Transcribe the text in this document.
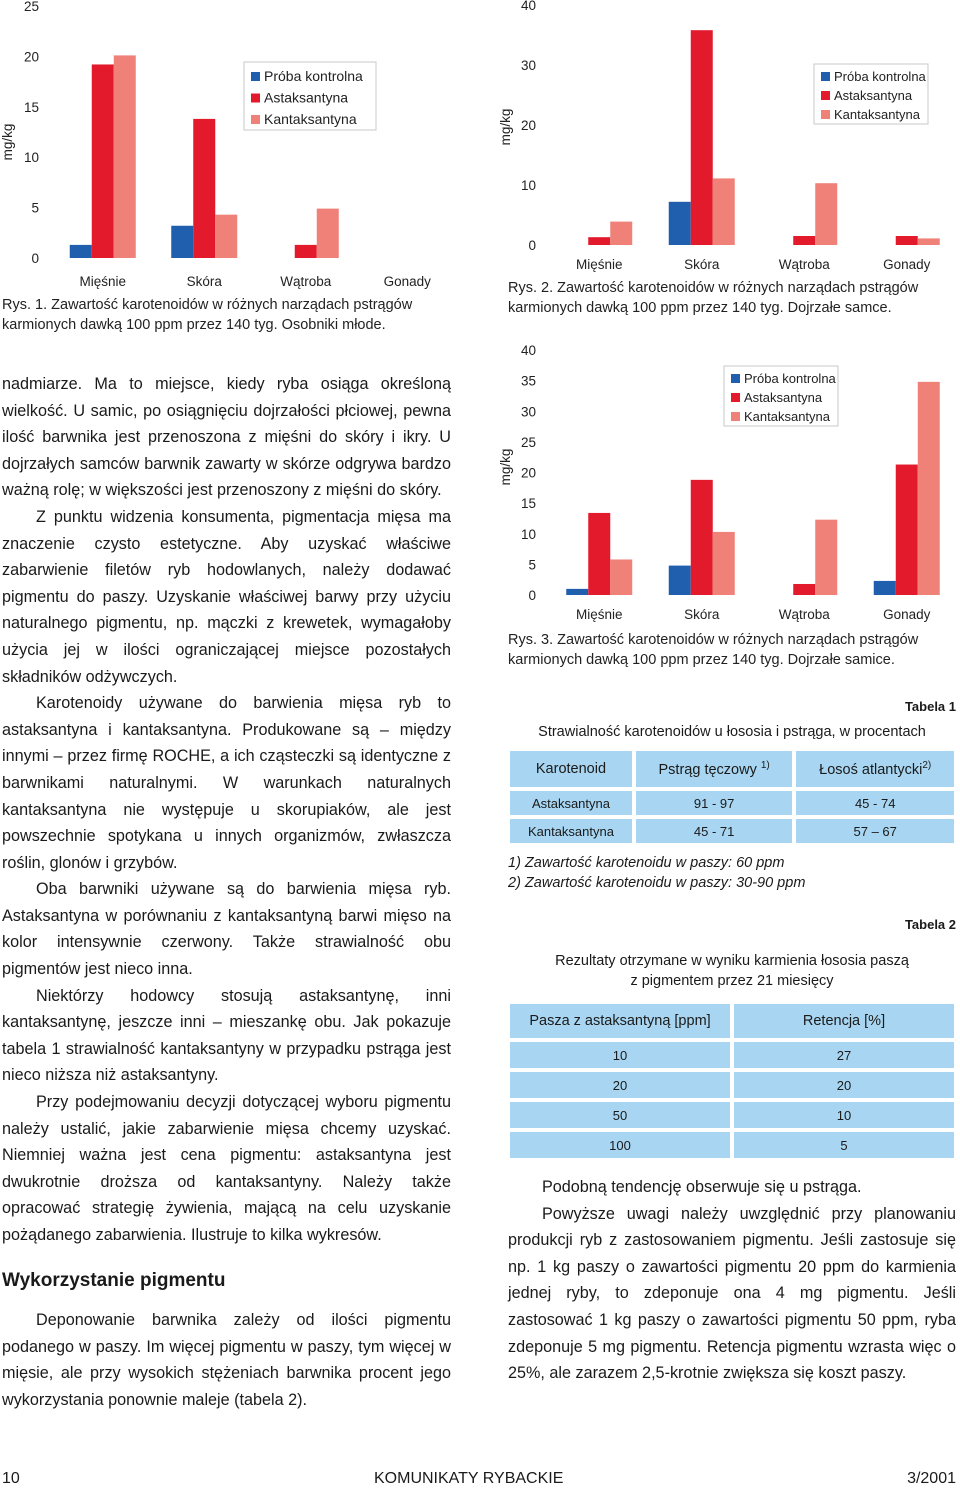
0
5
10
15
20
25
mg/kg
Mięśnie	Skóra	Wątroba	Gonady
Próba kontrolna
Astaksantyna
Kantaksantyna
Rys. 1. Zawartość karotenoidów w różnych narządach pstrągów karmionych dawką 100 ppm przez 140 tyg. Osobniki młode.
0
10
20
30
40
mg/kg
Mięśnie	Skóra	Wątroba	Gonady
Próba kontrolna
Astaksantyna
Kantaksantyna
Rys. 2. Zawartość karotenoidów w różnych narządach pstrągów karmionych dawką 100 ppm przez 140 tyg. Dojrzałe samce.
0
5
10
15
20
25
30
35
40
mg/kg
Mięśnie	Skóra	Wątroba	Gonady
Próba kontrolna
Astaksantyna
Kantaksantyna
Rys. 3. Zawartość karotenoidów w różnych narządach pstrągów karmionych dawką 100 ppm przez 140 tyg. Dojrzałe samice.

nadmiarze. Ma to miejsce, kiedy ryba osiąga określoną wielkość. U samic, po osiągnięciu dojrzałości płciowej, pewna ilość barwnika jest przenoszona z mięśni do skóry i ikry. U dojrzałych samców barwnik zawarty w skórze odgrywa bardzo ważną rolę; w większości jest przenoszony z mięśni do skóry.

Z punktu widzenia konsumenta, pigmentacja mięsa ma znaczenie czysto estetyczne. Aby uzyskać właściwe zabarwienie filetów ryb hodowlanych, należy dodawać pigmentu do paszy. Uzyskanie właściwej barwy przy użyciu naturalnego pigmentu, np. mączki z krewetek, wymagałoby użycia jej w ilości ograniczającej miejsce pozostałych składników odżywczych.

Karotenoidy używane do barwienia mięsa ryb to astaksantyna i kantaksantyna. Produkowane są – między innymi – przez firmę ROCHE, a ich cząsteczki są identyczne z barwnikami naturalnymi. W warunkach naturalnych kantaksantyna nie występuje u skorupiaków, ale jest powszechnie spotykana u innych organizmów, zwłaszcza roślin, glonów i grzybów.

Oba barwniki używane są do barwienia mięsa ryb. Astaksantyna w porównaniu z kantaksantyną barwi mięso na kolor intensywnie czerwony. Także strawialność obu pigmentów jest nieco inna.

Niektórzy hodowcy stosują astaksantynę, inni kantaksantynę, jeszcze inni – mieszankę obu. Jak pokazuje tabela 1 strawialność kantaksantyny w przypadku pstrąga jest nieco niższa niż astaksantyny.

Przy podejmowaniu decyzji dotyczącej wyboru pigmentu należy ustalić, jakie zabarwienie mięsa chcemy uzyskać. Niemniej ważna jest cena pigmentu: astaksantyna jest dwukrotnie droższa od kantaksantyny. Należy także opracować strategię żywienia, mającą na celu uzyskanie pożądanego zabarwienia. Ilustruje to kilka wykresów.

Wykorzystanie pigmentu

Deponowanie barwnika zależy od ilości pigmentu podanego w paszy. Im więcej pigmentu w paszy, tym więcej w mięsie, ale przy wysokich stężeniach barwnika procent jego wykorzystania ponownie maleje (tabela 2).

Tabela 1
Strawialność karotenoidów u łososia i pstrąga, w procentach
Karotenoid	Pstrąg tęczowy $^{1)}$	Łosoś atlantycki$^{2)}$
Astaksantyna	91 - 97	45 - 74
Kantaksantyna	45 - 71	57 – 67
1) Zawartość karotenoidu w paszy: 60 ppm
2) Zawartość karotenoidu w paszy: 30-90 ppm
Tabela 2
Rezultaty otrzymane w wyniku karmienia łososia paszą
z pigmentem przez 21 miesięcy
Pasza z astaksantyną [ppm]	Retencja [%]
10	27
20	20
50	10
100	5

Podobną tendencję obserwuje się u pstrąga.

Powyższe uwagi należy uwzględnić przy planowaniu produkcji ryb z zastosowaniem pigmentu. Jeśli zastosuje się np. 1 kg paszy o zawartości pigmentu 20 ppm do karmienia jednej ryby, to zdeponuje ona 4 mg pigmentu. Jeśli zastosować 1 kg paszy o zawartości pigmentu 50 ppm, ryba zdeponuje 5 mg pigmentu. Retencja pigmentu wzrasta więc o 25%, ale zarazem 2,5-krotnie zwiększa się koszt paszy.

10	KOMUNIKATY RYBACKIE	3/2001
